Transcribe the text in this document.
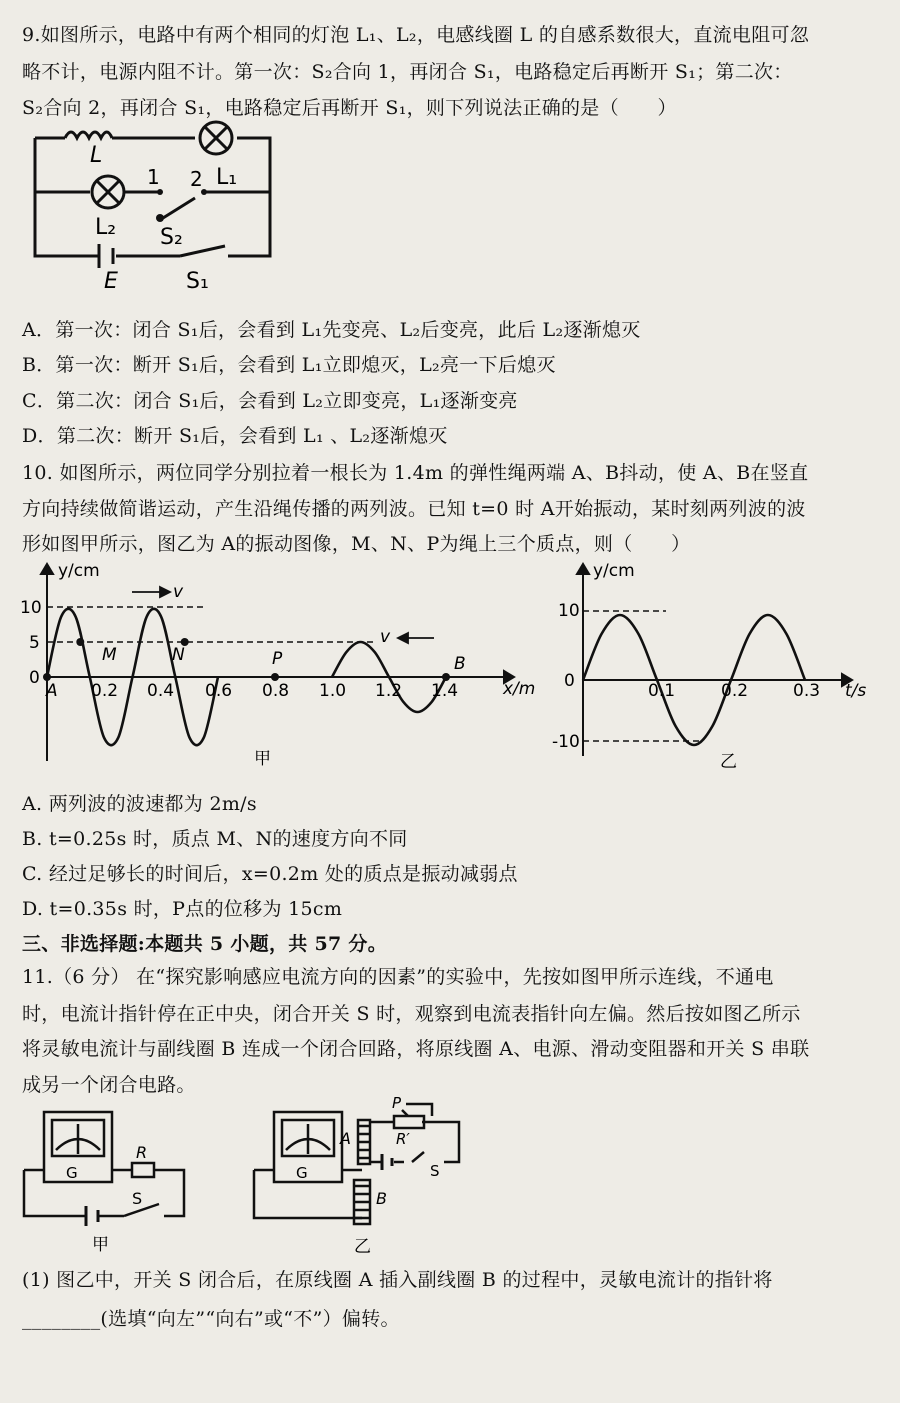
9.如图所示，电路中有两个相同的灯泡 L₁、L₂，电感线圈 L 的自感系数很大，直流电阻可忽
略不计，电源内阻不计。第一次：S₂合向 1，再闭合 S₁，电路稳定后再断开 S₁；第二次：
S₂合向 2，再闭合 S₁，电路稳定后再断开 S₁，则下列说法正确的是（　　）
L
L₁
L₂ S₂
1 2
E	S₁
A．第一次：闭合 S₁后，会看到 L₁先变亮、L₂后变亮，此后 L₂逐渐熄灭
B．第一次：断开 S₁后，会看到 L₁立即熄灭，L₂亮一下后熄灭
C．第二次：闭合 S₁后，会看到 L₂立即变亮，L₁逐渐变亮
D．第二次：断开 S₁后，会看到 L₁ 、L₂逐渐熄灭
10. 如图所示，两位同学分别拉着一根长为 1.4m 的弹性绳两端 A、B抖动，使 A、B在竖直
方向持续做简谐运动，产生沿绳传播的两列波。已知 t=0 时 A开始振动，某时刻两列波的波
形如图甲所示，图乙为 A的振动图像，M、N、P为绳上三个质点，则（　　）
y/cm
x/m
10
5
0
0.2 0.4 0.6 0.8 1.0 1.2 1.4
A
M	N	P	B
v
v
甲
y/cm
t/s
10
0
-10
0.1	0.2	0.3
乙
A. 两列波的波速都为 2m/s
B. t=0.25s 时，质点 M、N的速度方向不同
C. 经过足够长的时间后，x=0.2m 处的质点是振动减弱点
D. t=0.35s 时，P点的位移为 15cm
三、非选择题:本题共 5 小题，共 57 分。
11.（6 分） 在“探究影响感应电流方向的因素”的实验中，先按如图甲所示连线，不通电
时，电流计指针停在正中央，闭合开关 S 时，观察到电流表指针向左偏。然后按如图乙所示
将灵敏电流计与副线圈 B 连成一个闭合回路，将原线圈 A、电源、滑动变阻器和开关 S 串联
成另一个闭合电路。
G
R
S
甲
G
P
R′
A
B
S
乙
(1) 图乙中，开关 S 闭合后，在原线圈 A 插入副线圈 B 的过程中，灵敏电流计的指针将
________(选填“向左”“向右”或“不”）偏转。
